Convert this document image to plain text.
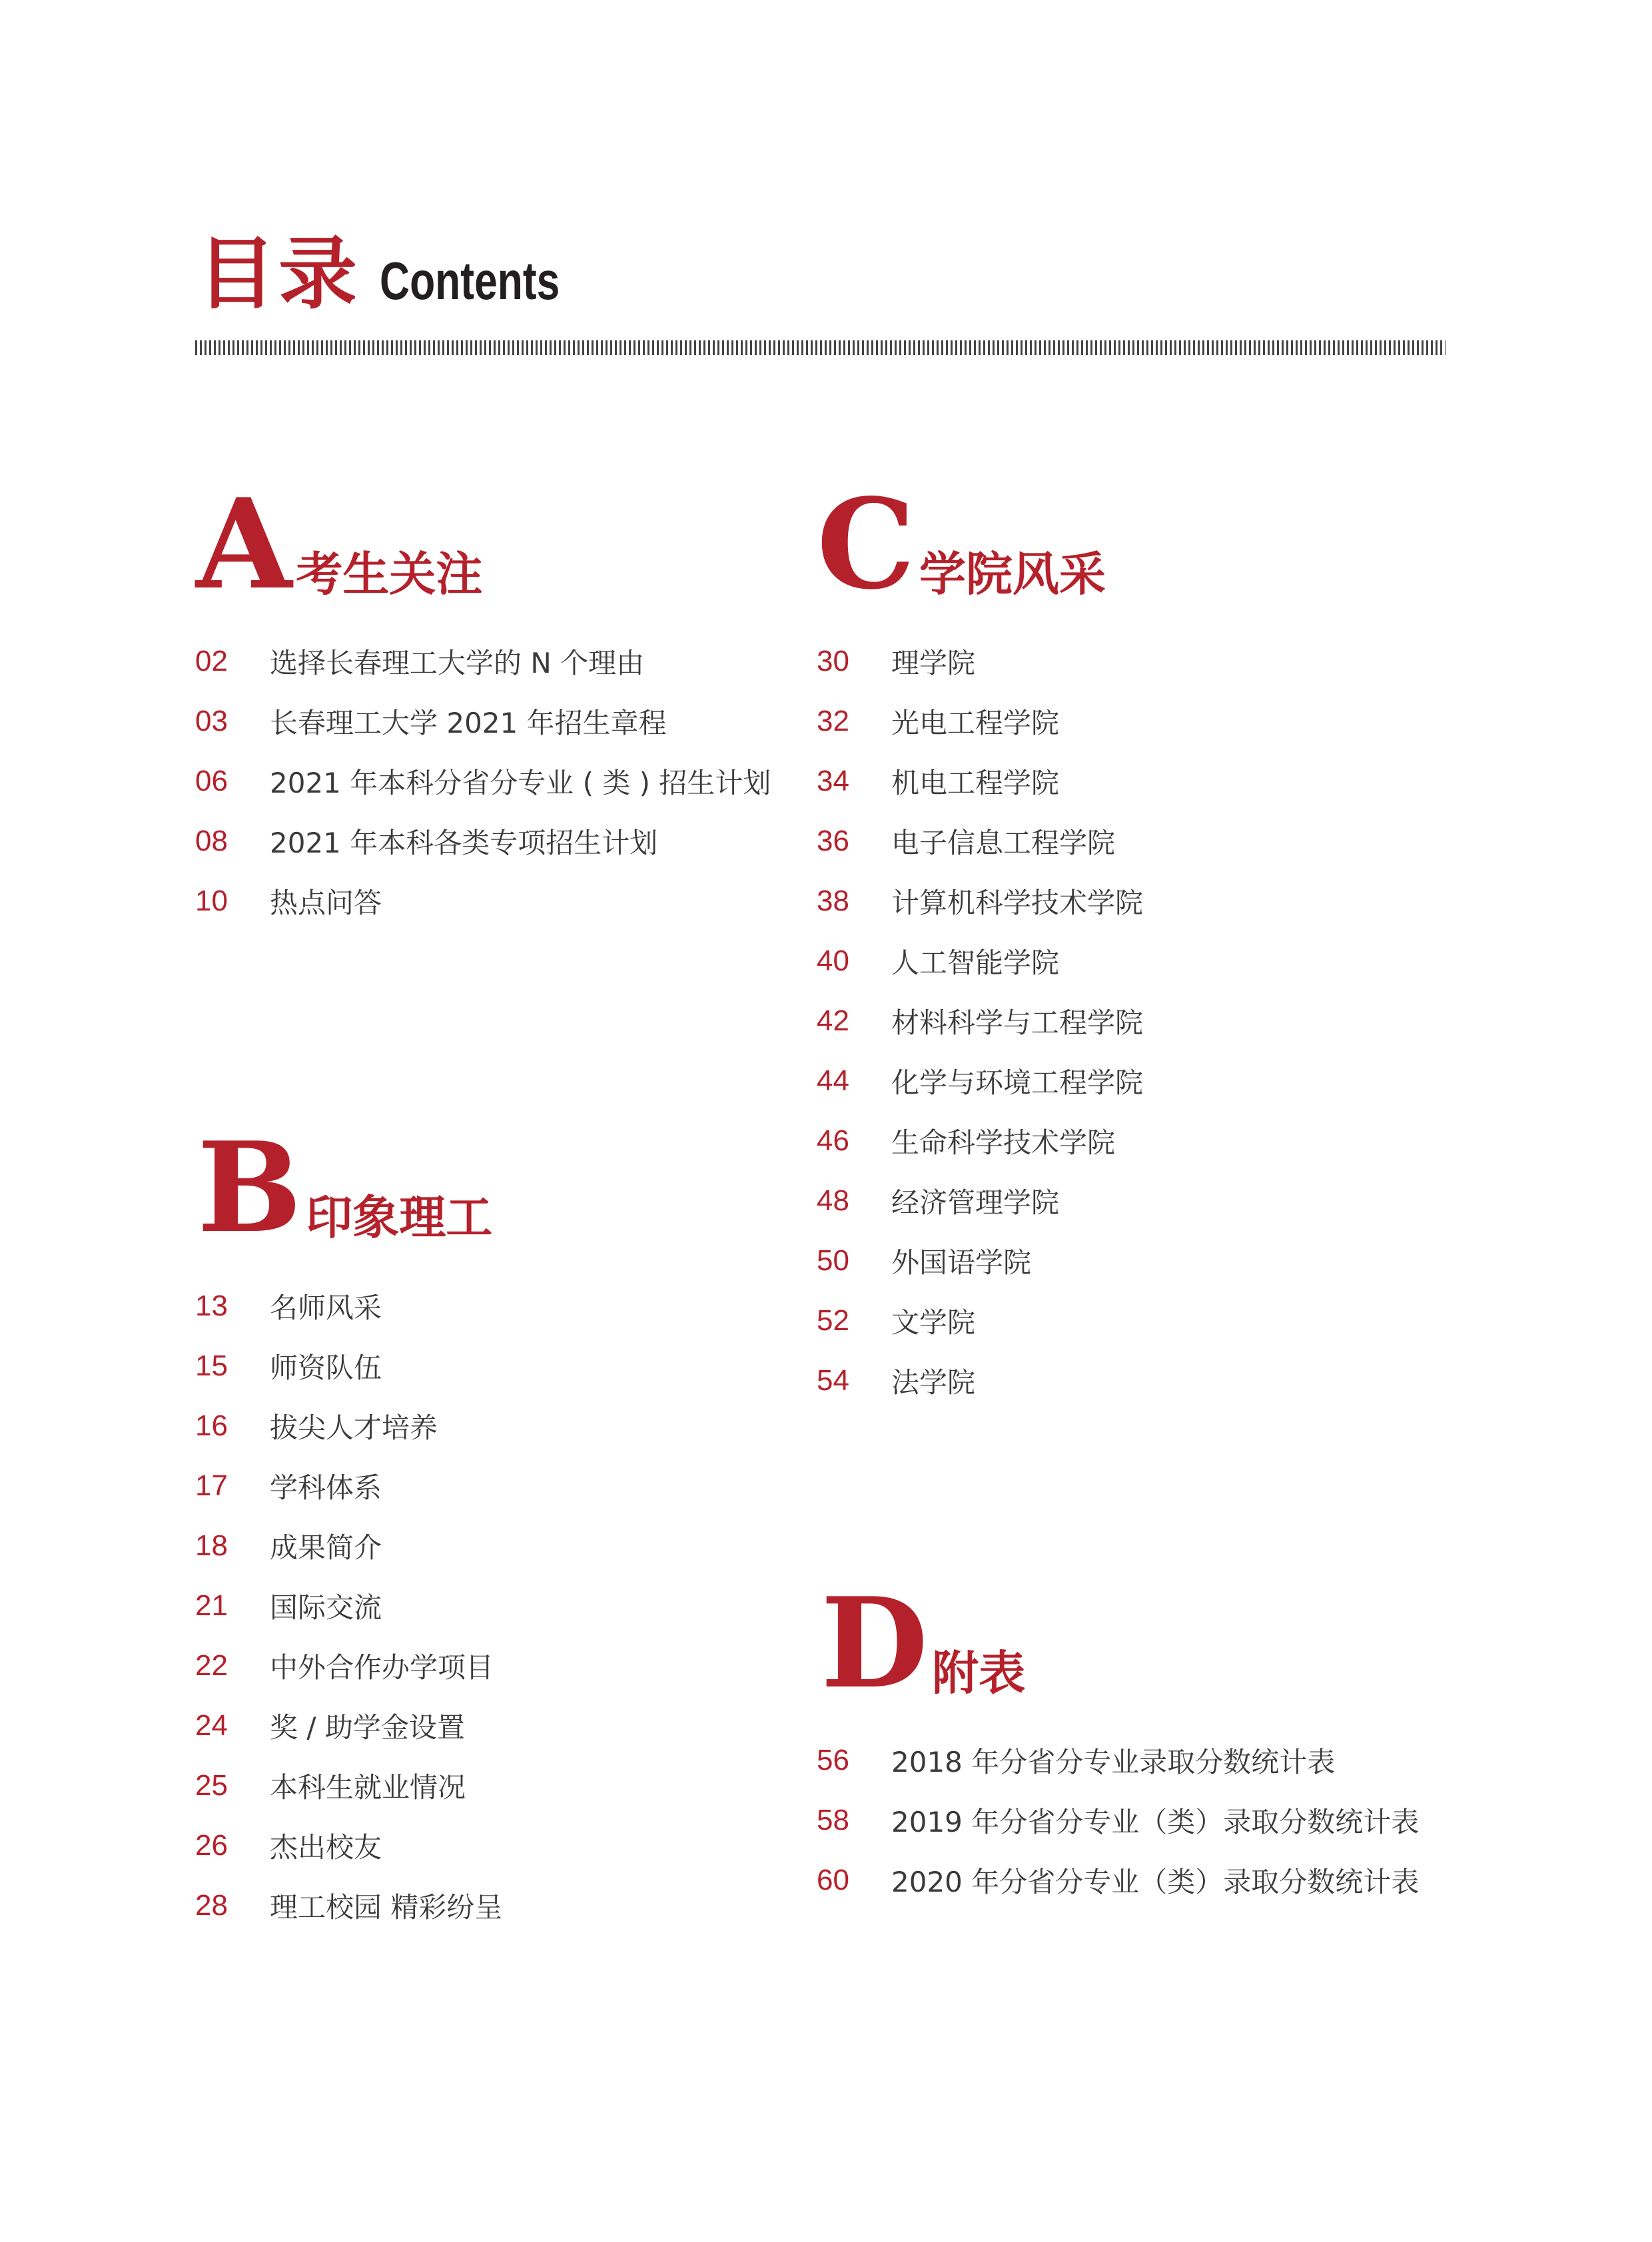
目录 Contents
A 考生关注
02	选择长春理工大学的 N 个理由
03	长春理工大学 2021 年招生章程
06	2021 年本科分省分专业 ( 类 ) 招生计划
08	2021 年本科各类专项招生计划
10	热点问答
B 印象理工
13	名师风采
15	师资队伍
16	拔尖人才培养
17	学科体系
18	成果简介
21	国际交流
22	中外合作办学项目
24	奖 / 助学金设置
25	本科生就业情况
26	杰出校友
28	理工校园 精彩纷呈
C 学院风采
30	理学院
32	光电工程学院
34	机电工程学院
36	电子信息工程学院
38	计算机科学技术学院
40	人工智能学院
42	材料科学与工程学院
44	化学与环境工程学院
46	生命科学技术学院
48	经济管理学院
50	外国语学院
52	文学院
54	法学院
D 附表
56	2018 年分省分专业录取分数统计表
58	2019 年分省分专业（类）录取分数统计表
60	2020 年分省分专业（类）录取分数统计表
